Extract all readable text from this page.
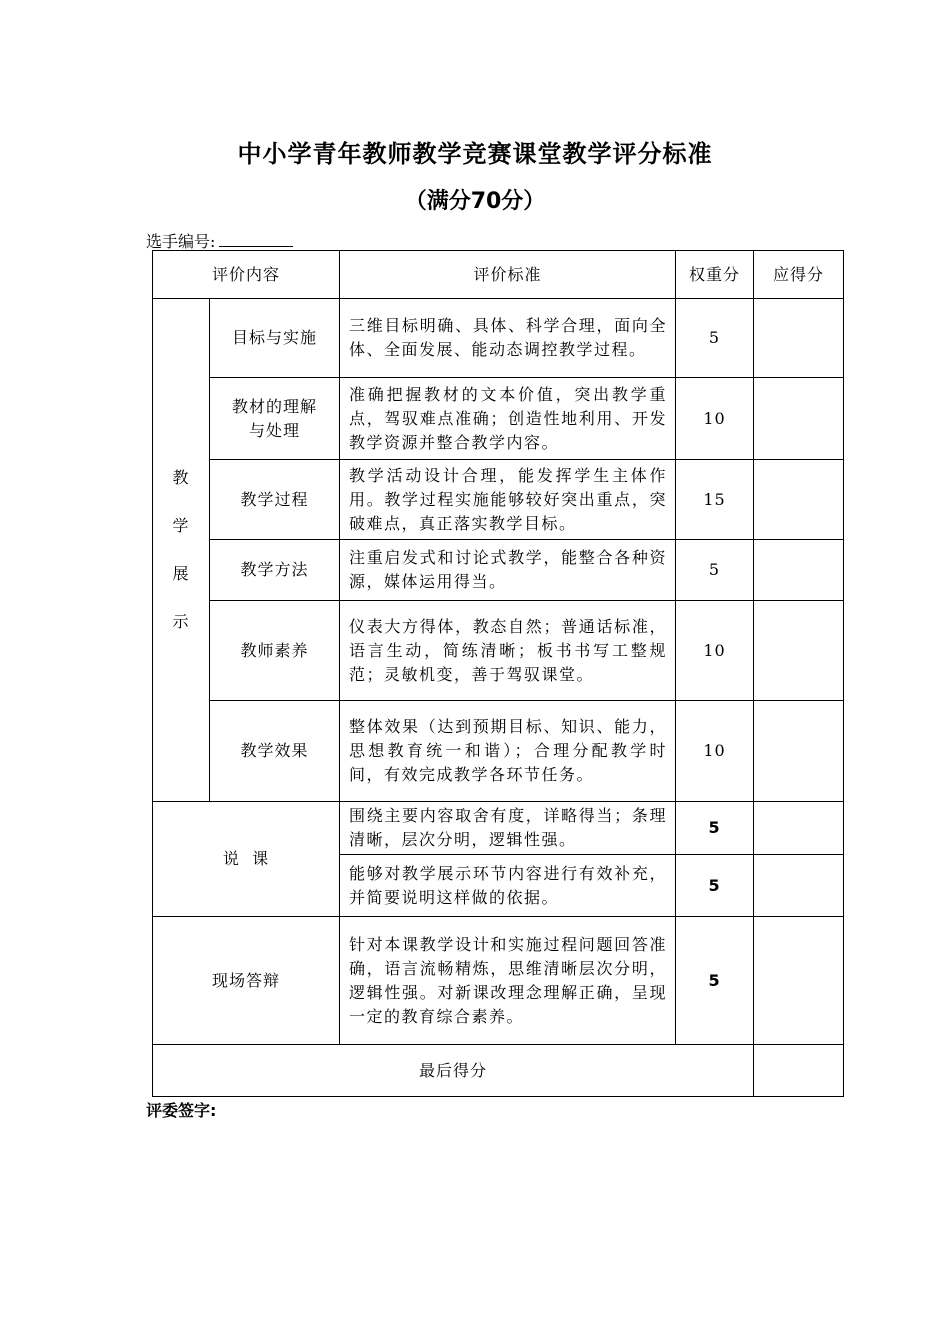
中小学青年教师教学竞赛课堂教学评分标准
（满分70分）
选手编号:
评价内容		评价标准	权重分	应得分

教
学
展
示	目标与实施	三维目标明确、具体、科学合理，面向全体、全面发展、能动态调控教学过程。	5	
	教材的理解与处理	准确把握教材的文本价值，突出教学重点，驾驭难点准确；创造性地利用、开发教学资源并整合教学内容。	10	
	教学过程	教学活动设计合理，能发挥学生主体作用。教学过程实施能够较好突出重点，突破难点，真正落实教学目标。	15	
	教学方法	注重启发式和讨论式教学，能整合各种资源，媒体运用得当。	5	
	教师素养	仪表大方得体，教态自然；普通话标准，语言生动，简练清晰；板书书写工整规范；灵敏机变，善于驾驭课堂。	10	
	教学效果	整体效果（达到预期目标、知识、能力，思想教育统一和谐）；合理分配教学时间，有效完成教学各环节任务。	10	
说  课		围绕主要内容取舍有度，详略得当；条理清晰，层次分明，逻辑性强。	5	
		能够对教学展示环节内容进行有效补充，并简要说明这样做的依据。	5	
现场答辩		针对本课教学设计和实施过程问题回答准确，语言流畅精炼，思维清晰层次分明，逻辑性强。对新课改理念理解正确，呈现一定的教育综合素养。	5	
最后得分				
评委签字:
